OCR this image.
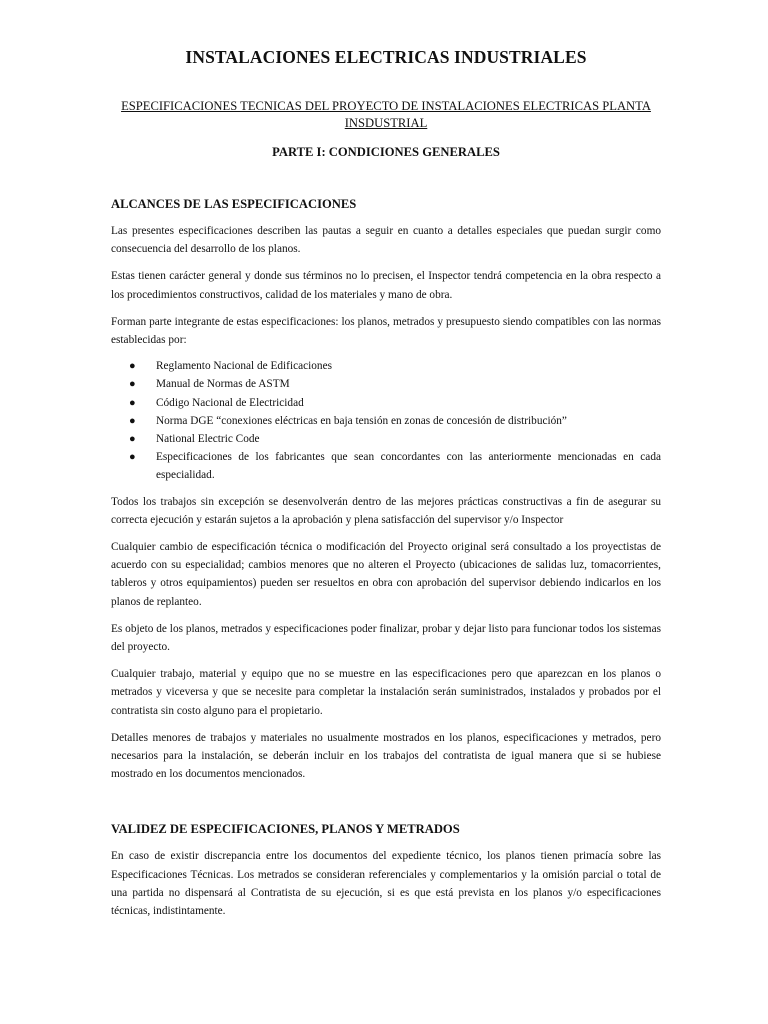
INSTALACIONES ELECTRICAS INDUSTRIALES

ESPECIFICACIONES TECNICAS DEL PROYECTO DE INSTALACIONES ELECTRICAS PLANTA INSDUSTRIAL

PARTE I: CONDICIONES GENERALES

ALCANCES DE LAS ESPECIFICACIONES

Las presentes especificaciones describen las pautas a seguir en cuanto a detalles especiales que puedan surgir como consecuencia del desarrollo de los planos.

Estas tienen carácter general y donde sus términos no lo precisen, el Inspector tendrá competencia en la obra respecto a los procedimientos constructivos, calidad de los materiales y mano de obra.

Forman parte integrante de estas especificaciones: los planos, metrados y presupuesto siendo compatibles con las normas establecidas por:

● Reglamento Nacional de Edificaciones
● Manual de Normas de ASTM
● Código Nacional de Electricidad
● Norma DGE “conexiones eléctricas en baja tensión en zonas de concesión de distribución”
● National Electric Code
● Especificaciones de los fabricantes que sean concordantes con las anteriormente mencionadas en cada especialidad.

Todos los trabajos sin excepción se desenvolverán dentro de las mejores prácticas constructivas a fin de asegurar su correcta ejecución y estarán sujetos a la aprobación y plena satisfacción del supervisor y/o Inspector

Cualquier cambio de especificación técnica o modificación del Proyecto original será consultado a los proyectistas de acuerdo con su especialidad; cambios menores que no alteren el Proyecto (ubicaciones de salidas luz, tomacorrientes, tableros y otros equipamientos) pueden ser resueltos en obra con aprobación del supervisor debiendo indicarlos en los planos de replanteo.

Es objeto de los planos, metrados y especificaciones poder finalizar, probar y dejar listo para funcionar todos los sistemas del proyecto.

Cualquier trabajo, material y equipo que no se muestre en las especificaciones pero que aparezcan en los planos o metrados y viceversa y que se necesite para completar la instalación serán suministrados, instalados y probados por el contratista sin costo alguno para el propietario.

Detalles menores de trabajos y materiales no usualmente mostrados en los planos, especificaciones y metrados, pero necesarios para la instalación, se deberán incluir en los trabajos del contratista de igual manera que si se hubiese mostrado en los documentos mencionados.

VALIDEZ DE ESPECIFICACIONES, PLANOS Y METRADOS

En caso de existir discrepancia entre los documentos del expediente técnico, los planos tienen primacía sobre las Especificaciones Técnicas. Los metrados se consideran referenciales y complementarios y la omisión parcial o total de una partida no dispensará al Contratista de su ejecución, si es que está prevista en los planos y/o especificaciones técnicas, indistintamente.
